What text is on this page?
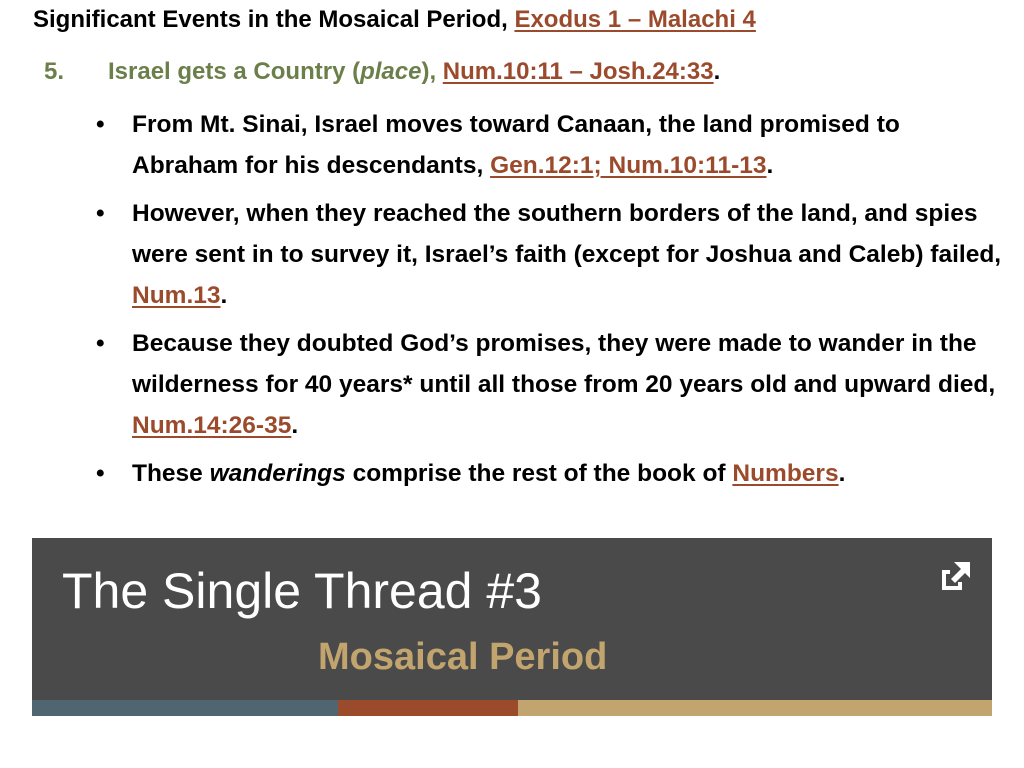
Significant Events in the Mosaical Period, Exodus 1 – Malachi 4
5. Israel gets a Country (place), Num.10:11 – Josh.24:33.
• From Mt. Sinai, Israel moves toward Canaan, the land promised to Abraham for his descendants, Gen.12:1; Num.10:11-13.
• However, when they reached the southern borders of the land, and spies were sent in to survey it, Israel’s faith (except for Joshua and Caleb) failed, Num.13.
• Because they doubted God’s promises, they were made to wander in the wilderness for 40 years* until all those from 20 years old and upward died, Num.14:26-35.
• These wanderings comprise the rest of the book of Numbers.
The Single Thread #3
Mosaical Period
